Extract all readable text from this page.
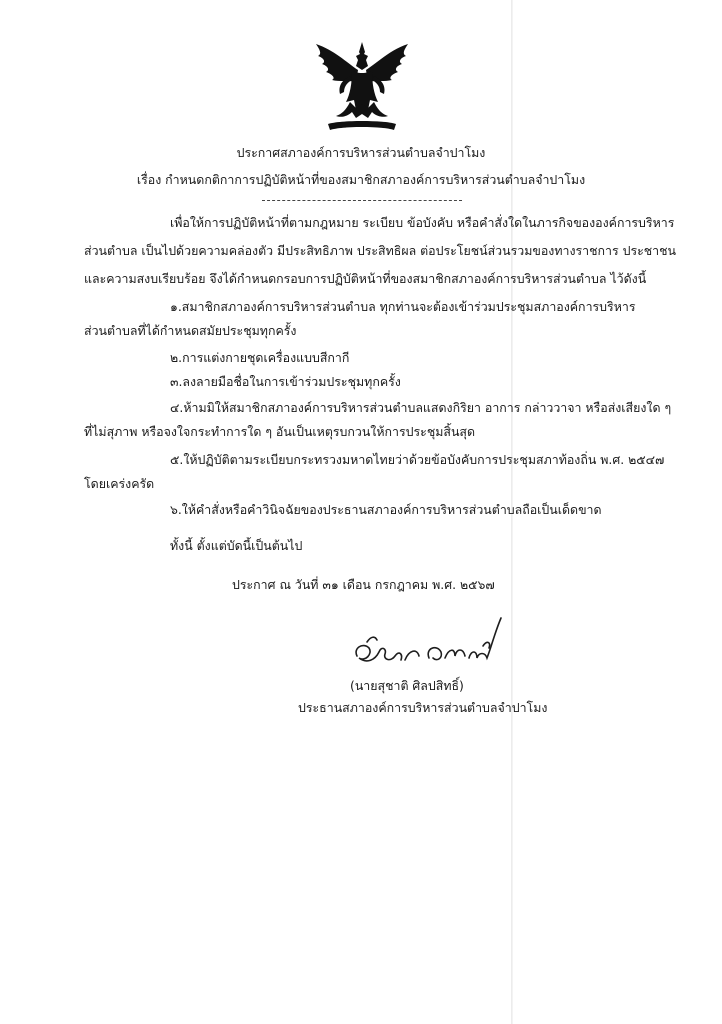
ประกาศสภาองค์การบริหารส่วนตำบลจำปาโมง
เรื่อง กำหนดกติกาการปฏิบัติหน้าที่ของสมาชิกสภาองค์การบริหารส่วนตำบลจำปาโมง
เพื่อให้การปฏิบัติหน้าที่ตามกฎหมาย ระเบียบ ข้อบังคับ หรือคำสั่งใดในภารกิจขององค์การบริหาร
ส่วนตำบล เป็นไปด้วยความคล่องตัว มีประสิทธิภาพ ประสิทธิผล ต่อประโยชน์ส่วนรวมของทางราชการ ประชาชน
และความสงบเรียบร้อย จึงได้กำหนดกรอบการปฏิบัติหน้าที่ของสมาชิกสภาองค์การบริหารส่วนตำบล ไว้ดังนี้
๑.สมาชิกสภาองค์การบริหารส่วนตำบล ทุกท่านจะต้องเข้าร่วมประชุมสภาองค์การบริหาร
ส่วนตำบลที่ได้กำหนดสมัยประชุมทุกครั้ง
๒.การแต่งกายชุดเครื่องแบบสีกากี
๓.ลงลายมือชื่อในการเข้าร่วมประชุมทุกครั้ง
๔.ห้ามมิให้สมาชิกสภาองค์การบริหารส่วนตำบลแสดงกิริยา อาการ กล่าววาจา หรือส่งเสียงใด ๆ
ที่ไม่สุภาพ หรือจงใจกระทำการใด ๆ อันเป็นเหตุรบกวนให้การประชุมสิ้นสุด
๕.ให้ปฏิบัติตามระเบียบกระทรวงมหาดไทยว่าด้วยข้อบังคับการประชุมสภาท้องถิ่น พ.ศ. ๒๕๔๗
โดยเคร่งครัด
๖.ให้คำสั่งหรือคำวินิจฉัยของประธานสภาองค์การบริหารส่วนตำบลถือเป็นเด็ดขาด
ทั้งนี้ ตั้งแต่บัดนี้เป็นต้นไป
ประกาศ ณ วันที่ ๓๑ เดือน กรกฎาคม พ.ศ. ๒๕๖๗
(นายสุชาติ ศิลปสิทธิ์)
ประธานสภาองค์การบริหารส่วนตำบลจำปาโมง
